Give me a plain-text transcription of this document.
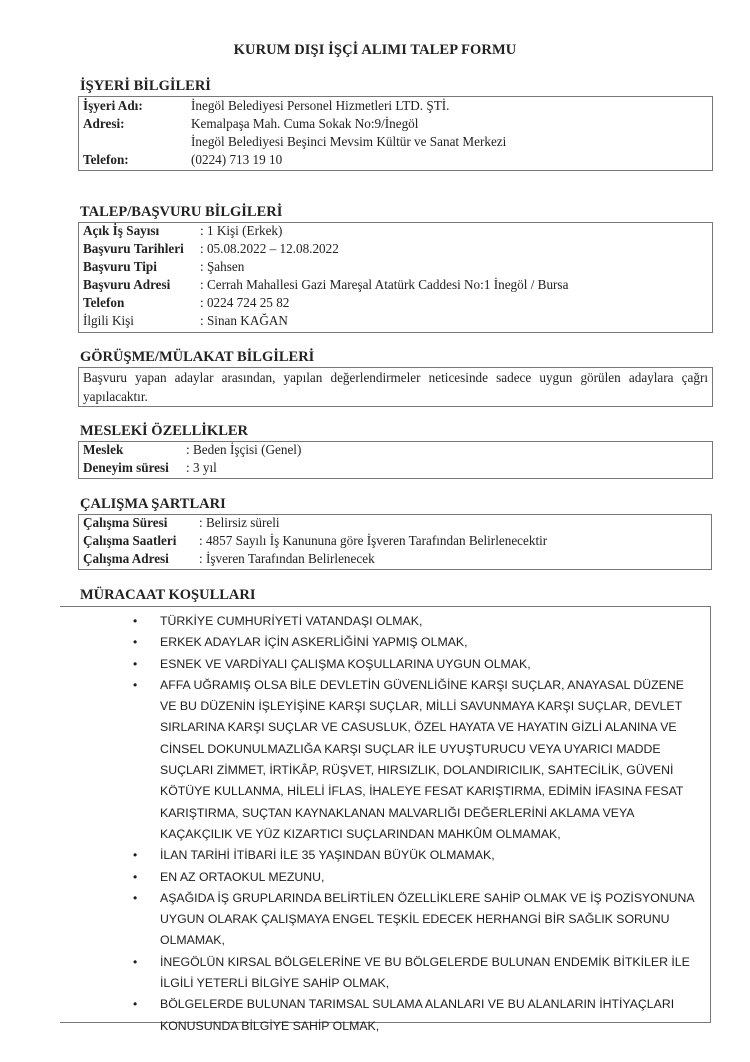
KURUM DIŞI İŞÇİ ALIMI TALEP FORMU
İŞYERİ BİLGİLERİ
İşyeri Adı:	İnegöl Belediyesi Personel Hizmetleri LTD. ŞTİ.
Adresi:	Kemalpaşa Mah. Cuma Sokak No:9/İnegöl
İnegöl Belediyesi Beşinci Mevsim Kültür ve Sanat Merkezi
Telefon:	(0224) 713 19 10
TALEP/BAŞVURU BİLGİLERİ
Açık İş Sayısı	: 1 Kişi (Erkek)
Başvuru Tarihleri : 05.08.2022 – 12.08.2022
Başvuru Tipi	: Şahsen
Başvuru Adresi : Cerrah Mahallesi Gazi Mareşal Atatürk Caddesi No:1 İnegöl / Bursa
Telefon	: 0224 724 25 82
İlgili Kişi	: Sinan KAĞAN
GÖRÜŞME/MÜLAKAT BİLGİLERİ
Başvuru yapan adaylar arasından, yapılan değerlendirmeler neticesinde sadece uygun görülen adaylara çağrı yapılacaktır.
MESLEKİ ÖZELLİKLER
Meslek	: Beden İşçisi (Genel)
Deneyim süresi : 3 yıl
ÇALIŞMA ŞARTLARI
Çalışma Süresi : Belirsiz süreli
Çalışma Saatleri : 4857 Sayılı İş Kanununa göre İşveren Tarafından Belirlenecektir
Çalışma Adresi : İşveren Tarafından Belirlenecek
MÜRACAAT KOŞULLARI
• TÜRKİYE CUMHURİYETİ VATANDAŞI OLMAK,
• ERKEK ADAYLAR İÇİN ASKERLİĞİNİ YAPMIŞ OLMAK,
• ESNEK VE VARDİYALI ÇALIŞMA KOŞULLARINA UYGUN OLMAK,
• AFFA UĞRAMIŞ OLSA BİLE DEVLETİN GÜVENLİĞİNE KARŞI SUÇLAR, ANAYASAL DÜZENE VE BU DÜZENİN İŞLEYİŞİNE KARŞI SUÇLAR, MİLLİ SAVUNMAYA KARŞI SUÇLAR, DEVLET SIRLARINA KARŞI SUÇLAR VE CASUSLUK, ÖZEL HAYATA VE HAYATIN GİZLİ ALANINA VE CİNSEL DOKUNULMAZLIĞA KARŞI SUÇLAR İLE UYUŞTURUCU VEYA UYARICI MADDE SUÇLARI ZİMMET, İRTİKÂP, RÜŞVET, HIRSIZLIK, DOLANDIRICILIK, SAHTECİLİK, GÜVENİ KÖTÜYE KULLANMA, HİLELİ İFLAS, İHALEYE FESAT KARIŞTIRMA, EDİMİN İFASINA FESAT KARIŞTIRMA, SUÇTAN KAYNAKLANAN MALVARLIĞI DEĞERLERİNİ AKLAMA VEYA KAÇAKÇILIK VE YÜZ KIZARTICI SUÇLARINDAN MAHKÛM OLMAMAK,
• İLAN TARİHİ İTİBARİ İLE 35 YAŞINDAN BÜYÜK OLMAMAK,
• EN AZ ORTAOKUL MEZUNU,
• AŞAĞIDA İŞ GRUPLARINDA BELİRTİLEN ÖZELLİKLERE SAHİP OLMAK VE İŞ POZİSYONUNA UYGUN OLARAK ÇALIŞMAYA ENGEL TEŞKİL EDECEK HERHANGİ BİR SAĞLIK SORUNU OLMAMAK,
• İNEGÖLÜN KIRSAL BÖLGELERİNE VE BU BÖLGELERDE BULUNAN ENDEMİK BİTKİLER İLE İLGİLİ YETERLİ BİLGİYE SAHİP OLMAK,
• BÖLGELERDE BULUNAN TARIMSAL SULAMA ALANLARI VE BU ALANLARIN İHTİYAÇLARI KONUSUNDA BİLGİYE SAHİP OLMAK,
